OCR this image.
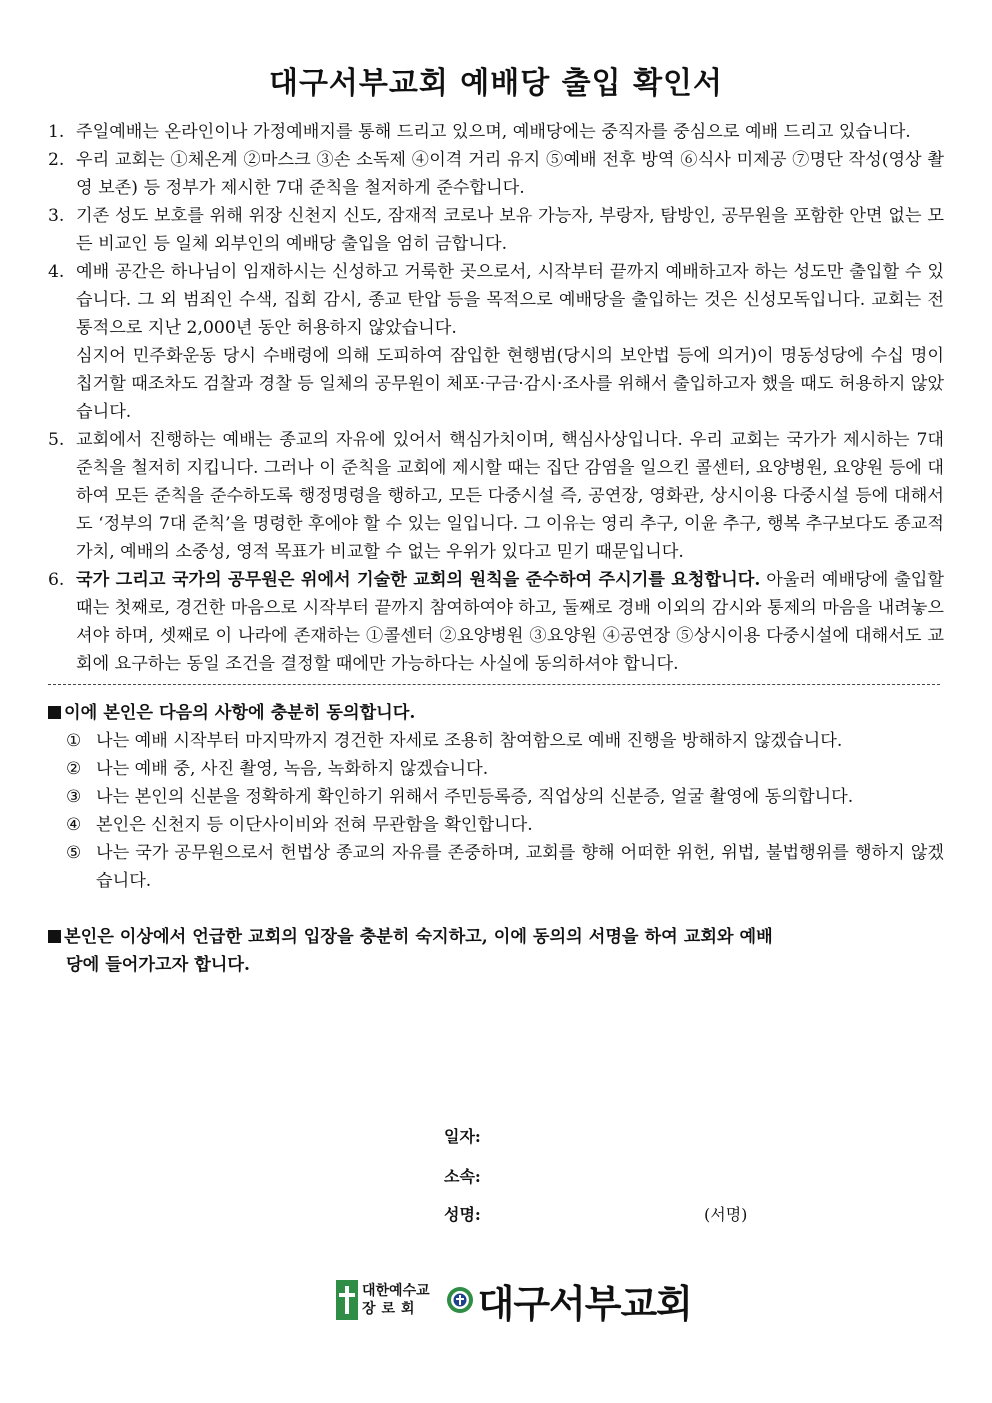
대구서부교회 예배당 출입 확인서
1. 주일예배는 온라인이나 가정예배지를 통해 드리고 있으며, 예배당에는 중직자를 중심으로 예배 드리고 있습니다.

2. 우리 교회는 ①체온계 ②마스크 ③손 소독제 ④이격 거리 유지 ⑤예배 전후 방역 ⑥식사 미제공 ⑦명단 작성(영상 촬영 보존) 등 정부가 제시한 7대 준칙을 철저하게 준수합니다.

3. 기존 성도 보호를 위해 위장 신천지 신도, 잠재적 코로나 보유 가능자, 부랑자, 탐방인, 공무원을 포함한 안면 없는 모든 비교인 등 일체 외부인의 예배당 출입을 엄히 금합니다.

4. 예배 공간은 하나님이 임재하시는 신성하고 거룩한 곳으로서, 시작부터 끝까지 예배하고자 하는 성도만 출입할 수 있습니다. 그 외 범죄인 수색, 집회 감시, 종교 탄압 등을 목적으로 예배당을 출입하는 것은 신성모독입니다. 교회는 전통적으로 지난 2,000년 동안 허용하지 않았습니다.

심지어 민주화운동 당시 수배령에 의해 도피하여 잠입한 현행범(당시의 보안법 등에 의거)이 명동성당에 수십 명이 칩거할 때조차도 검찰과 경찰 등 일체의 공무원이 체포·구금·감시·조사를 위해서 출입하고자 했을 때도 허용하지 않았습니다.

5. 교회에서 진행하는 예배는 종교의 자유에 있어서 핵심가치이며, 핵심사상입니다. 우리 교회는 국가가 제시하는 7대 준칙을 철저히 지킵니다. 그러나 이 준칙을 교회에 제시할 때는 집단 감염을 일으킨 콜센터, 요양병원, 요양원 등에 대하여 모든 준칙을 준수하도록 행정명령을 행하고, 모든 다중시설 즉, 공연장, 영화관, 상시이용 다중시설 등에 대해서도 ‘정부의 7대 준칙’을 명령한 후에야 할 수 있는 일입니다. 그 이유는 영리 추구, 이윤 추구, 행복 추구보다도 종교적 가치, 예배의 소중성, 영적 목표가 비교할 수 없는 우위가 있다고 믿기 때문입니다.

6. 국가 그리고 국가의 공무원은 위에서 기술한 교회의 원칙을 준수하여 주시기를 요청합니다. 아울러 예배당에 출입할 때는 첫째로, 경건한 마음으로 시작부터 끝까지 참여하여야 하고, 둘째로 경배 이외의 감시와 통제의 마음을 내려놓으셔야 하며, 셋째로 이 나라에 존재하는 ①콜센터 ②요양병원 ③요양원 ④공연장 ⑤상시이용 다중시설에 대해서도 교회에 요구하는 동일 조건을 결정할 때에만 가능하다는 사실에 동의하셔야 합니다.

이에 본인은 다음의 사항에 충분히 동의합니다.
① 나는 예배 시작부터 마지막까지 경건한 자세로 조용히 참여함으로 예배 진행을 방해하지 않겠습니다.
② 나는 예배 중, 사진 촬영, 녹음, 녹화하지 않겠습니다.
③ 나는 본인의 신분을 정확하게 확인하기 위해서 주민등록증, 직업상의 신분증, 얼굴 촬영에 동의합니다.
④ 본인은 신천지 등 이단사이비와 전혀 무관함을 확인합니다.
⑤ 나는 국가 공무원으로서 헌법상 종교의 자유를 존중하며, 교회를 향해 어떠한 위헌, 위법, 불법행위를 행하지 않겠습니다.
본인은 이상에서 언급한 교회의 입장을 충분히 숙지하고, 이에 동의의 서명을 하여 교회와 예배
당에 들어가고자 합니다.
일자:
소속:
성명:	(서명)
대한예수교
장로회 대구서부교회
